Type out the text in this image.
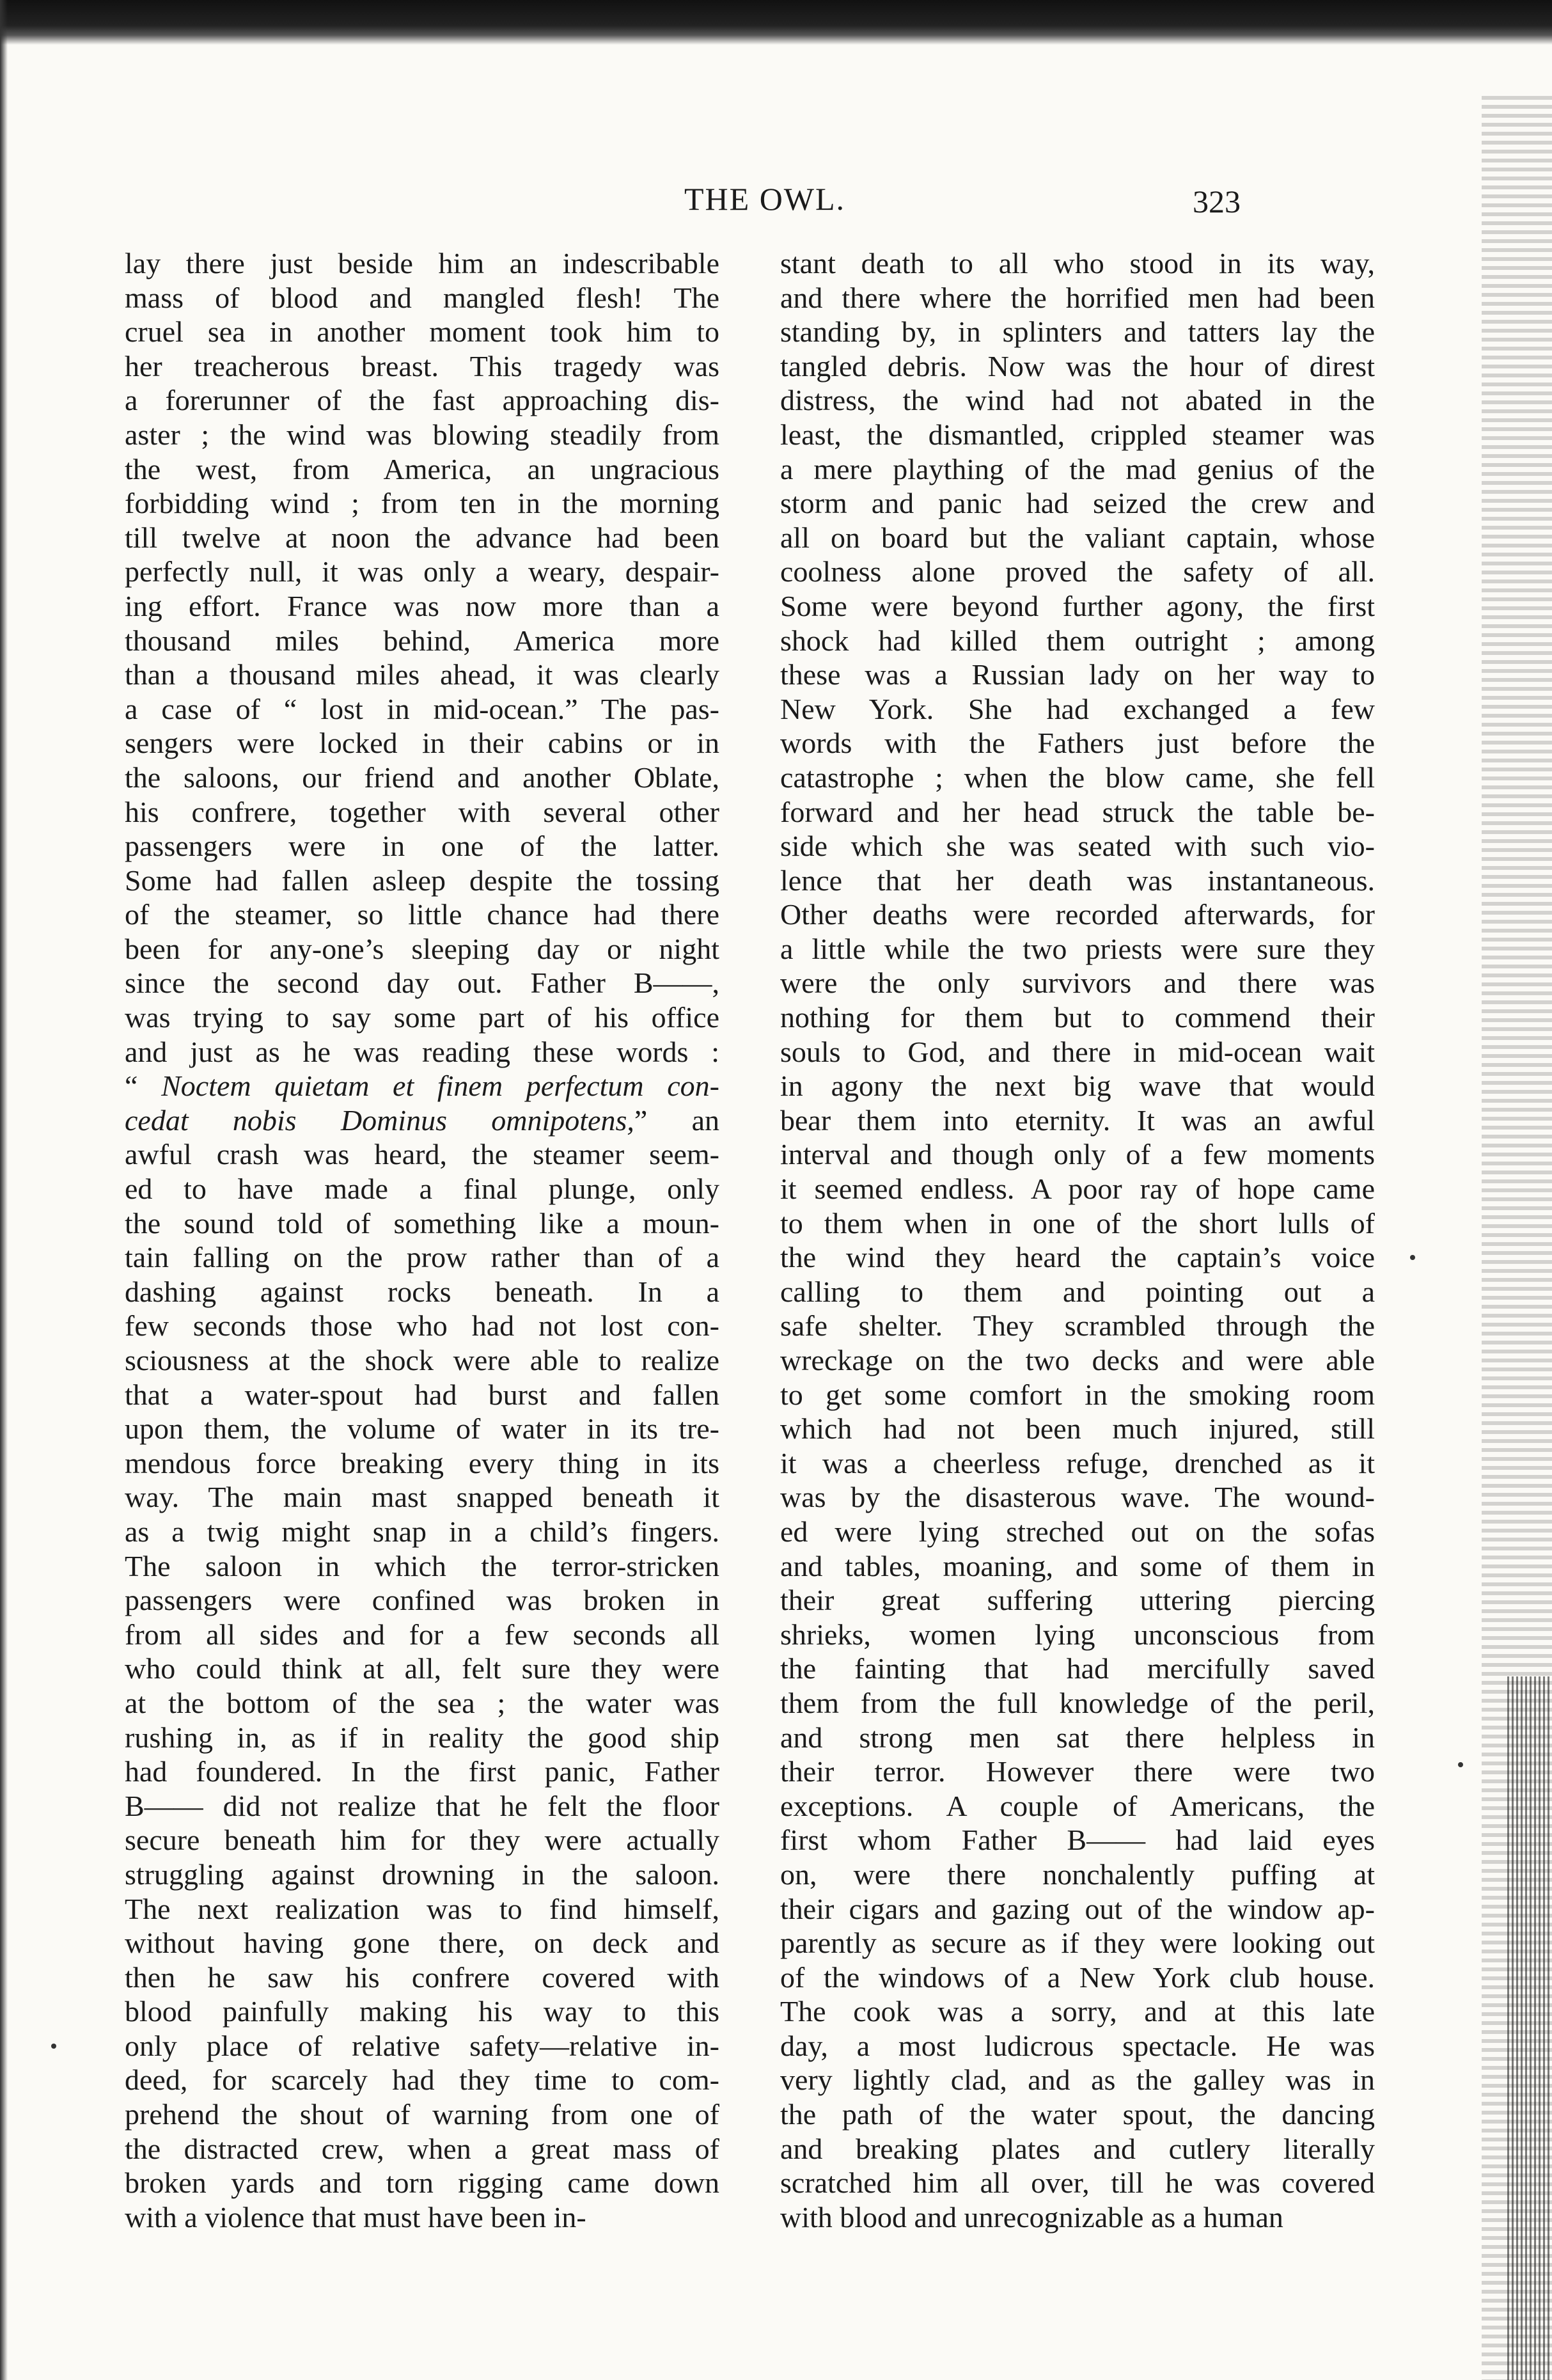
THE OWL.	323
lay there just beside him an indescribable
mass of blood and mangled flesh! The
cruel sea in another moment took him to
her treacherous breast. This tragedy was
a forerunner of the fast approaching dis-
aster ; the wind was blowing steadily from
the west, from America, an ungracious
forbidding wind ; from ten in the morning
till twelve at noon the advance had been
perfectly null, it was only a weary, despair-
ing effort. France was now more than a
thousand miles behind, America more
than a thousand miles ahead, it was clearly
a case of “ lost in mid-ocean.” The pas-
sengers were locked in their cabins or in
the saloons, our friend and another Oblate,
his confrere, together with several other
passengers were in one of the latter.
Some had fallen asleep despite the tossing
of the steamer, so little chance had there
been for any-one’s sleeping day or night
since the second day out. Father B——,
was trying to say some part of his office
and just as he was reading these words :
“ Noctem quietam et finem perfectum con-
cedat nobis Dominus omnipotens,” an
awful crash was heard, the steamer seem-
ed to have made a final plunge, only
the sound told of something like a moun-
tain falling on the prow rather than of a
dashing against rocks beneath. In a
few seconds those who had not lost con-
sciousness at the shock were able to realize
that a water-spout had burst and fallen
upon them, the volume of water in its tre-
mendous force breaking every thing in its
way. The main mast snapped beneath it
as a twig might snap in a child’s fingers.
The saloon in which the terror-stricken
passengers were confined was broken in
from all sides and for a few seconds all
who could think at all, felt sure they were
at the bottom of the sea ; the water was
rushing in, as if in reality the good ship
had foundered. In the first panic, Father
B—— did not realize that he felt the floor
secure beneath him for they were actually
struggling against drowning in the saloon.
The next realization was to find himself,
without having gone there, on deck and
then he saw his confrere covered with
blood painfully making his way to this
only place of relative safety—relative in-
deed, for scarcely had they time to com-
prehend the shout of warning from one of
the distracted crew, when a great mass of
broken yards and torn rigging came down
with a violence that must have been in-
stant death to all who stood in its way,
and there where the horrified men had been
standing by, in splinters and tatters lay the
tangled debris. Now was the hour of direst
distress, the wind had not abated in the
least, the dismantled, crippled steamer was
a mere plaything of the mad genius of the
storm and panic had seized the crew and
all on board but the valiant captain, whose
coolness alone proved the safety of all.
Some were beyond further agony, the first
shock had killed them outright ; among
these was a Russian lady on her way to
New York. She had exchanged a few
words with the Fathers just before the
catastrophe ; when the blow came, she fell
forward and her head struck the table be-
side which she was seated with such vio-
lence that her death was instantaneous.
Other deaths were recorded afterwards, for
a little while the two priests were sure they
were the only survivors and there was
nothing for them but to commend their
souls to God, and there in mid-ocean wait
in agony the next big wave that would
bear them into eternity. It was an awful
interval and though only of a few moments
it seemed endless. A poor ray of hope came
to them when in one of the short lulls of
the wind they heard the captain’s voice
calling to them and pointing out a
safe shelter. They scrambled through the
wreckage on the two decks and were able
to get some comfort in the smoking room
which had not been much injured, still
it was a cheerless refuge, drenched as it
was by the disasterous wave. The wound-
ed were lying streched out on the sofas
and tables, moaning, and some of them in
their great suffering uttering piercing
shrieks, women lying unconscious from
the fainting that had mercifully saved
them from the full knowledge of the peril,
and strong men sat there helpless in
their terror. However there were two
exceptions. A couple of Americans, the
first whom Father B—— had laid eyes
on, were there nonchalently puffing at
their cigars and gazing out of the window ap-
parently as secure as if they were looking out
of the windows of a New York club house.
The cook was a sorry, and at this late
day, a most ludicrous spectacle. He was
very lightly clad, and as the galley was in
the path of the water spout, the dancing
and breaking plates and cutlery literally
scratched him all over, till he was covered
with blood and unrecognizable as a human
